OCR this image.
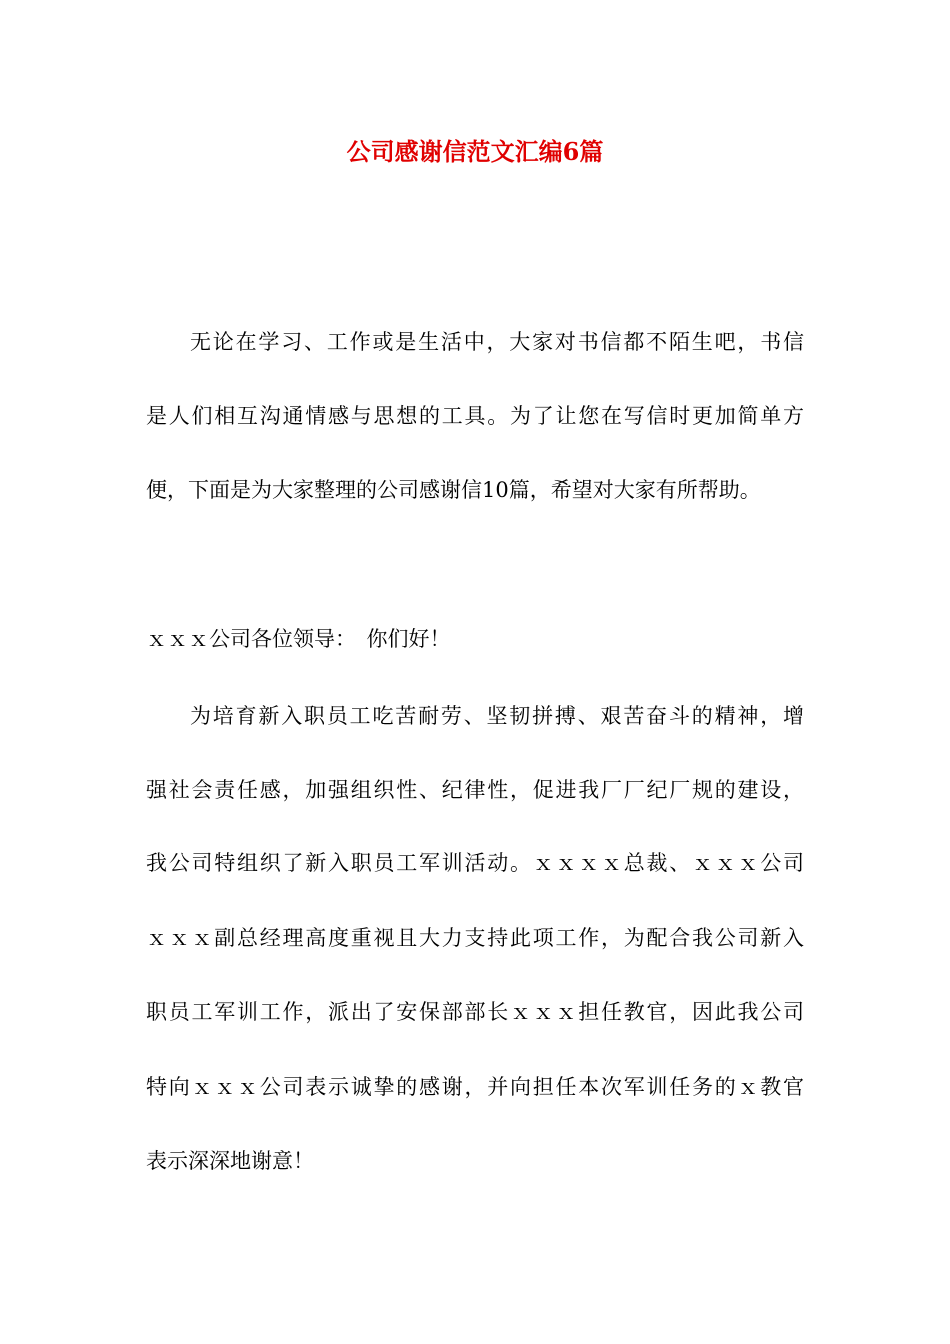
公司感谢信范文汇编6篇
无论在学习、工作或是生活中，大家对书信都不陌生吧，书信
是人们相互沟通情感与思想的工具。为了让您在写信时更加简单方
便，下面是为大家整理的公司感谢信10篇，希望对大家有所帮助。
ｘｘｘ公司各位领导：　你们好！
为培育新入职员工吃苦耐劳、坚韧拼搏、艰苦奋斗的精神，增
强社会责任感，加强组织性、纪律性，促进我厂厂纪厂规的建设，
我公司特组织了新入职员工军训活动。ｘｘｘｘ总裁、ｘｘｘ公司
ｘｘｘ副总经理高度重视且大力支持此项工作，为配合我公司新入
职员工军训工作，派出了安保部部长ｘｘｘ担任教官，因此我公司
特向ｘｘｘ公司表示诚挚的感谢，并向担任本次军训任务的ｘ教官
表示深深地谢意！
